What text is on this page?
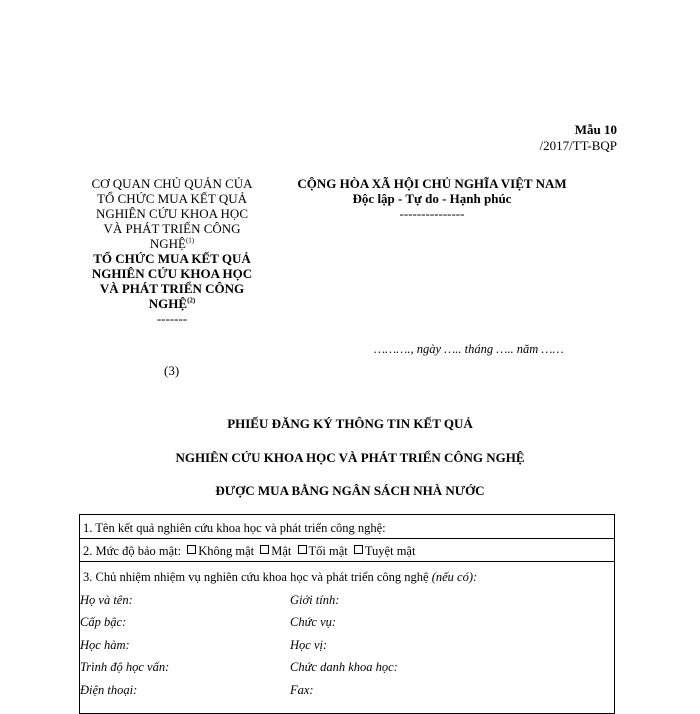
Mẫu 10
/2017/TT-BQP
CƠ QUAN CHỦ QUẢN CỦA
TỔ CHỨC MUA KẾT QUẢ
NGHIÊN CỨU KHOA HỌC
VÀ PHÁT TRIỂN CÔNG
NGHỆ$^{(1)}$
TỔ CHỨC MUA KẾT QUẢ
NGHIÊN CỨU KHOA HỌC
VÀ PHÁT TRIỂN CÔNG
NGHỆ$^{(2)}$
-------
CỘNG HÒA XÃ HỘI CHỦ NGHĨA VIỆT NAM
Độc lập - Tự do - Hạnh phúc
---------------
………., ngày ….. tháng ….. năm ……
(3)
PHIẾU ĐĂNG KÝ THÔNG TIN KẾT QUẢ
NGHIÊN CỨU KHOA HỌC VÀ PHÁT TRIỂN CÔNG NGHỆ
ĐƯỢC MUA BẰNG NGÂN SÁCH NHÀ NƯỚC
1. Tên kết quả nghiên cứu khoa học và phát triển công nghệ:
2. Mức độ bảo mật: Không mật Mật Tối mật Tuyệt mật
3. Chủ nhiệm nhiệm vụ nghiên cứu khoa học và phát triển công nghệ (nếu có):
Họ và tên:	Giới tính:
Cấp bậc:	Chức vụ:
Học hàm:	Học vị:
Trình độ học vấn:	Chức danh khoa học:
Điện thoại:	Fax:
